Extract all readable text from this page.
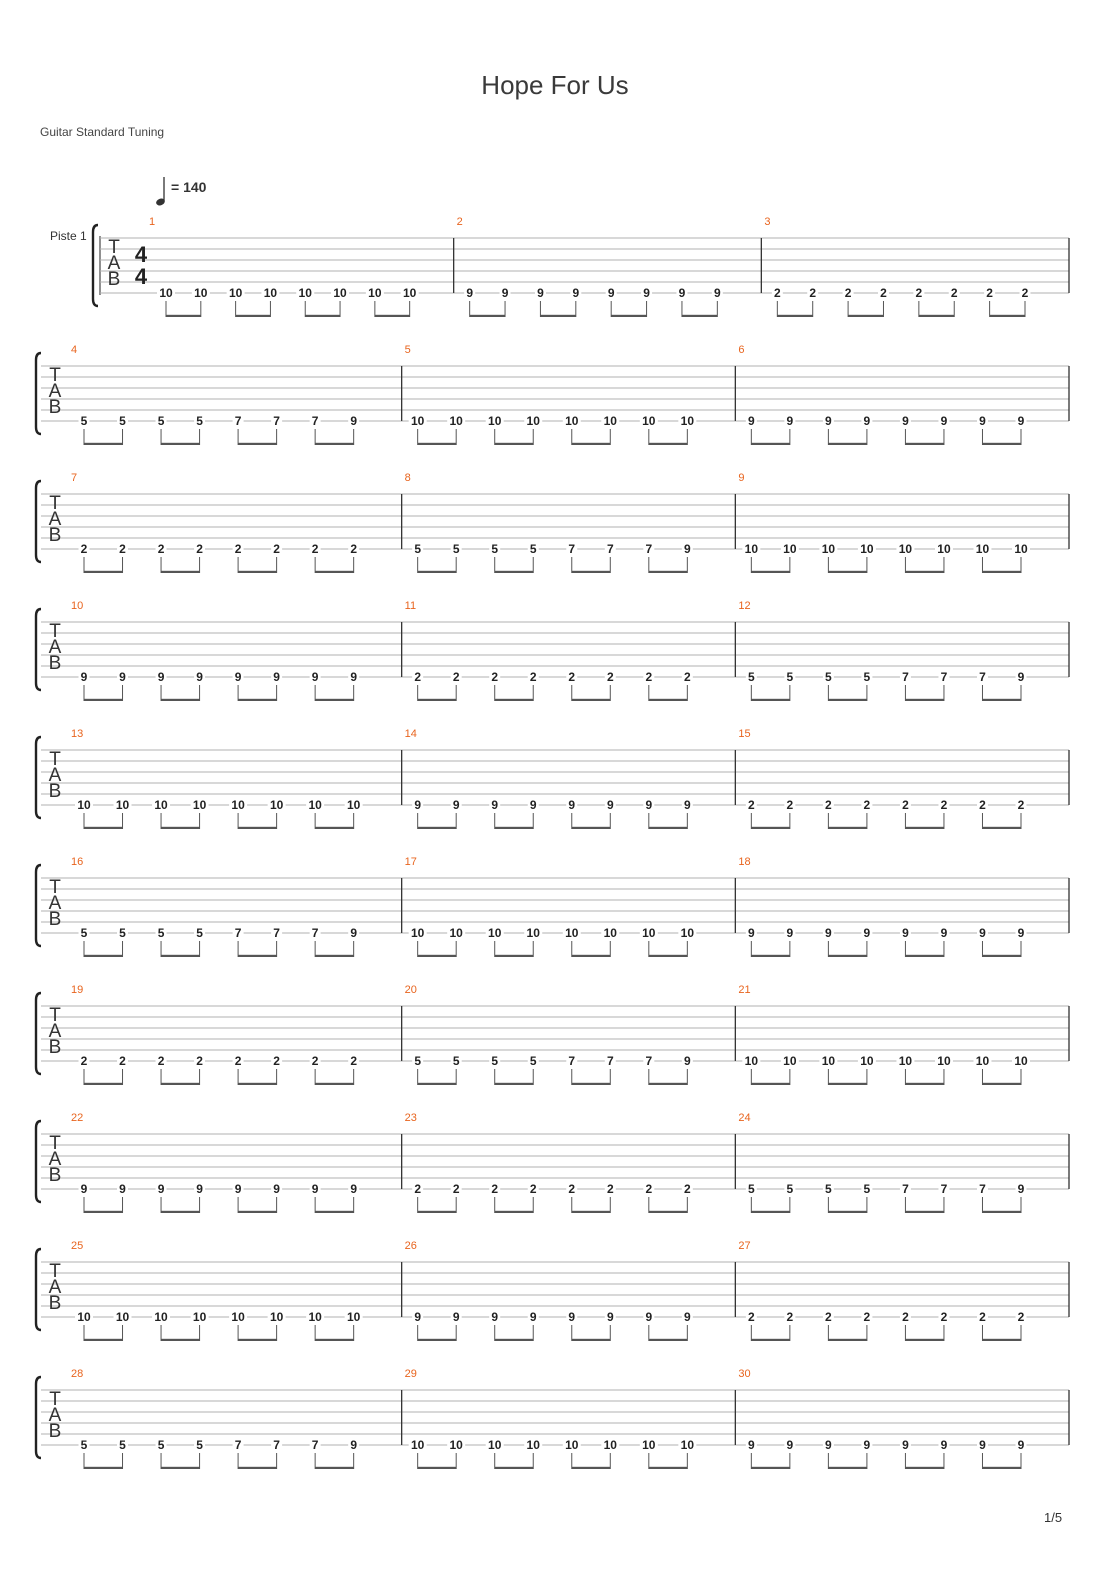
Hope For Us
Guitar Standard Tuning
= 140
Piste 1
T
A
B
4
4
1
10 10 10 10 10 10 10 10
2
9 9 9 9 9 9 9 9
3
2 2 2 2 2 2 2 2
T
A
B
4
5	5	5	5	7	7	7	9
5
10 10 10 10 10 10 10 10
6
9	9	9	9	9	9	9	9
T
A
B
7
2	2	2	2	2	2	2	2
8
5	5	5	5	7	7	7	9
9
10 10 10 10 10 10 10 10
T
A
B
10
9	9	9	9	9	9	9	9
11
2	2	2	2	2	2	2	2
12
5	5	5	5	7	7	7	9
T
A
B
13
10 10 10 10 10 10 10 10
14
9	9	9	9	9	9	9	9
15
2	2	2	2	2	2	2	2
T
A
B
16
5	5	5	5	7	7	7	9
17
10 10 10 10 10 10 10 10
18
9	9	9	9	9	9	9	9
T
A
B
19
2	2	2	2	2	2	2	2
20
5	5	5	5	7	7	7	9
21
10 10 10 10 10 10 10 10
T
A
B
22
9	9	9	9	9	9	9	9
23
2	2	2	2	2	2	2	2
24
5	5	5	5	7	7	7	9
T
A
B
25
10 10 10 10 10 10 10 10
26
9	9	9	9	9	9	9	9
27
2	2	2	2	2	2	2	2
T
A
B
28
5	5	5	5	7	7	7	9
29
10 10 10 10 10 10 10 10
30
9	9	9	9	9	9	9	9
1/5
